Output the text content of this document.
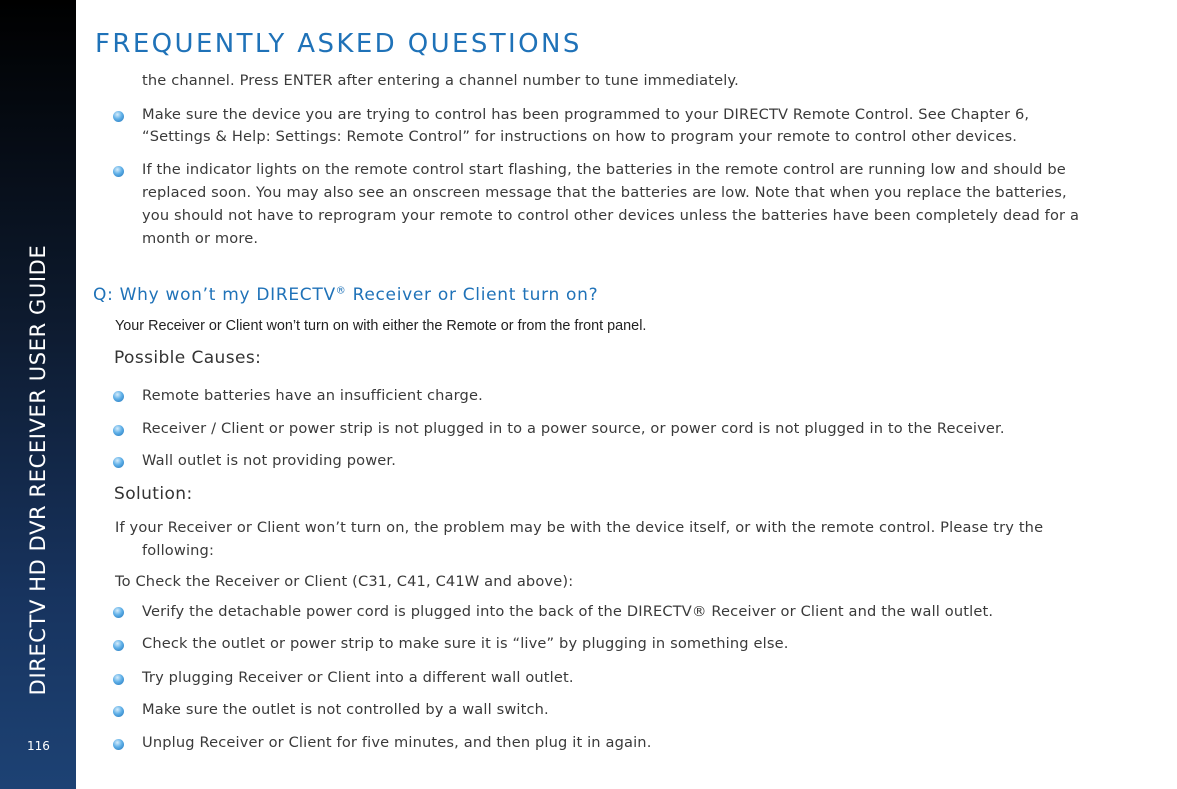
DIRECTV HD DVR RECEIVER USER GUIDE
116
FREQUENTLY ASKED QUESTIONS

the channel. Press ENTER after entering a channel number to tune immediately.

Make sure the device you are trying to control has been programmed to your DIRECTV Remote Control. See Chapter 6,

“Settings & Help: Settings: Remote Control” for instructions on how to program your remote to control other devices.

If the indicator lights on the remote control start flashing, the batteries in the remote control are running low and should be

replaced soon. You may also see an onscreen message that the batteries are low. Note that when you replace the batteries,

you should not have to reprogram your remote to control other devices unless the batteries have been completely dead for a

month or more.

Q: Why won’t my DIRECTV® Receiver or Client turn on?

Your Receiver or Client won’t turn on with either the Remote or from the front panel.

Possible Causes:

Remote batteries have an insufficient charge.

Receiver / Client or power strip is not plugged in to a power source, or power cord is not plugged in to the Receiver.

Wall outlet is not providing power.

Solution:

If your Receiver or Client won’t turn on, the problem may be with the device itself, or with the remote control. Please try the

following:

To Check the Receiver or Client (C31, C41, C41W and above):

Verify the detachable power cord is plugged into the back of the DIRECTV® Receiver or Client and the wall outlet.

Check the outlet or power strip to make sure it is “live” by plugging in something else.

Try plugging Receiver or Client into a different wall outlet.

Make sure the outlet is not controlled by a wall switch.

Unplug Receiver or Client for five minutes, and then plug it in again.
